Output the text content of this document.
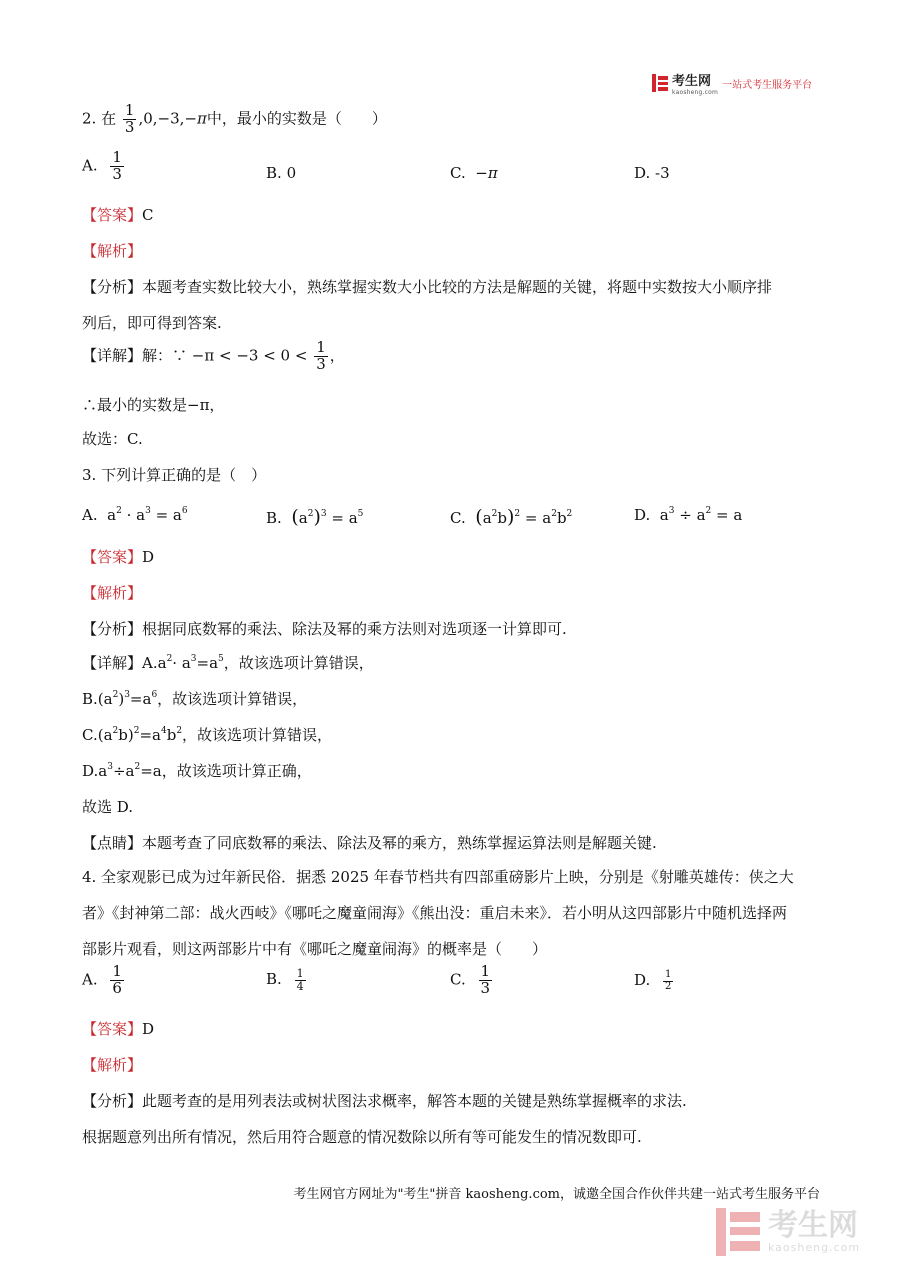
考生网
kaosheng.com
一站式考生服务平台
2. 在 $\frac{1}{3} ,0,-3,-\pi$中，最小的实数是（　　）
A. $\frac{1}{3}$	B. 0	C. −π	D. -3
【答案】C
【解析】
【分析】本题考查实数比较大小，熟练掌握实数大小比较的方法是解题的关键，将题中实数按大小顺序排
列后，即可得到答案.
【详解】解：∵ $-\pi < -3 < 0 < \frac{1}{3}$ ，
∴最小的实数是−π，
故选：C.
3. 下列计算正确的是（　）
A.  $a^2 \cdot a^3 = a^6$	B. $(a^2)^3 = a^5$	C. $(a^2b)^2 = a^2b^2$	D.  $a^3 \div a^2 = a$
【答案】D
【解析】
【分析】根据同底数幂的乘法、除法及幂的乘方法则对选项逐一计算即可.
【详解】$A.a^2\cdot a^3=a^5$，故该选项计算错误，
$B.(a^2)^3=a^6$，故该选项计算错误，
$C.(a^2b)^2=a^4b^2$，故该选项计算错误，
$D.a^3\div a^2=a$，故该选项计算正确，
故选 D.
【点睛】本题考查了同底数幂的乘法、除法及幂的乘方，熟练掌握运算法则是解题关键.
4. 全家观影已成为过年新民俗．据悉 2025 年春节档共有四部重磅影片上映，分别是《射雕英雄传：侠之大
者》《封神第二部：战火西岐》《哪吒之魔童闹海》《熊出没：重启未来》．若小明从这四部影片中随机选择两
部影片观看，则这两部影片中有《哪吒之魔童闹海》的概率是（　　）
A. $\frac{1}{6}$	B. $\frac{1}{4}$	C. $\frac{1}{3}$	D. $\frac{1}{2}$
【答案】D
【解析】
【分析】此题考查的是用列表法或树状图法求概率，解答本题的关键是熟练掌握概率的求法.
根据题意列出所有情况，然后用符合题意的情况数除以所有等可能发生的情况数即可.
考生网官方网址为"考生"拼音 kaosheng.com，诚邀全国合作伙伴共建一站式考生服务平台
考生网
kaosheng.com
